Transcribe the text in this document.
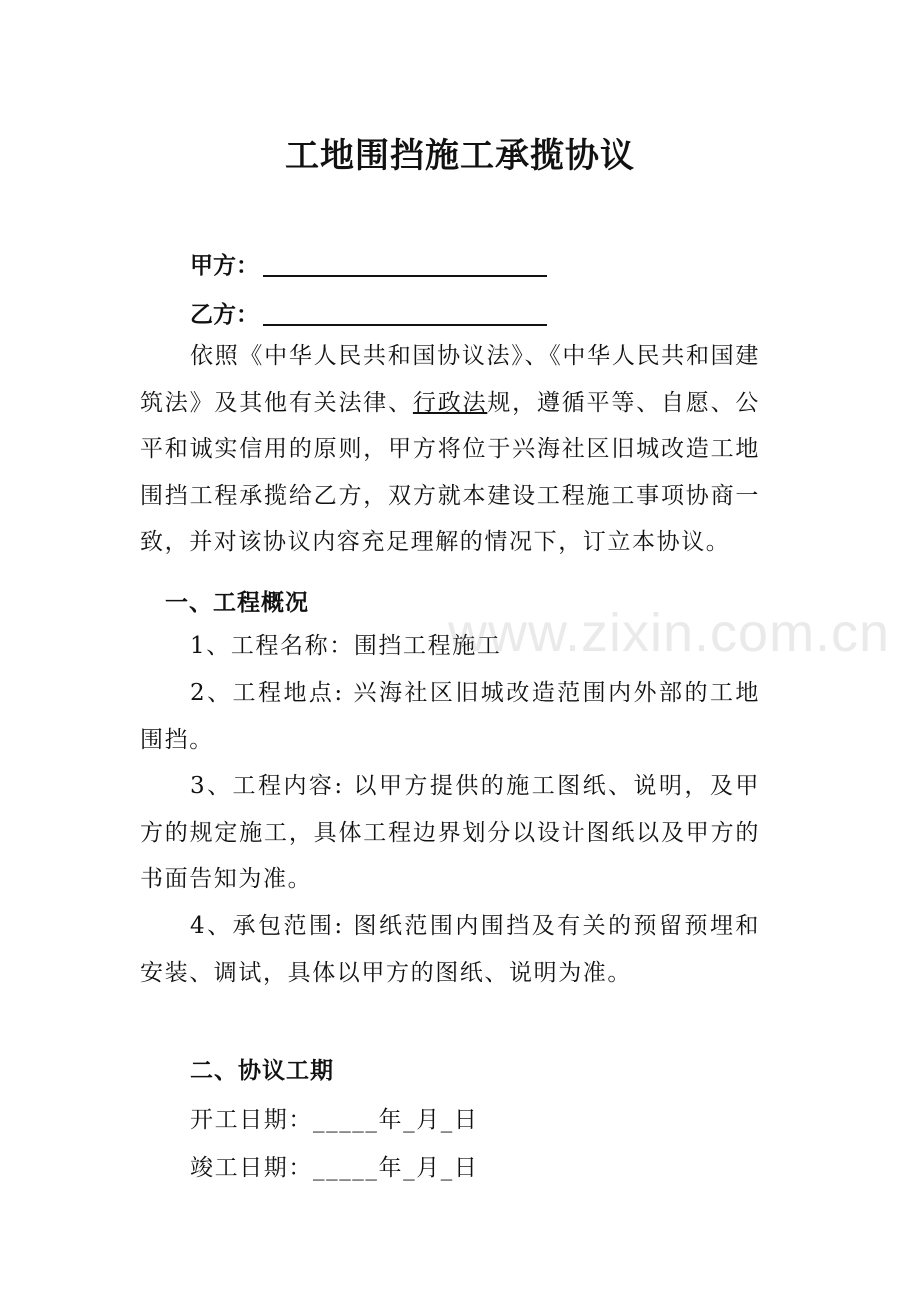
工地围挡施工承揽协议
甲方：
乙方：
依照《中华人民共和国协议法》、《中华人民共和国建筑法》及其他有关法律、行政法规，遵循平等、自愿、公平和诚实信用的原则，甲方将位于兴海社区旧城改造工地围挡工程承揽给乙方，双方就本建设工程施工事项协商一致，并对该协议内容充足理解的情况下，订立本协议。
一、工程概况
1、工程名称：围挡工程施工
2、工程地点: 兴海社区旧城改造范围内外部的工地围挡。
3、工程内容: 以甲方提供的施工图纸、说明，及甲方的规定施工，具体工程边界划分以设计图纸以及甲方的书面告知为准。
4、承包范围: 图纸范围内围挡及有关的预留预埋和安装、调试，具体以甲方的图纸、说明为准。
二、协议工期
开工日期：_____年_月_日
竣工日期：_____年_月_日
www.zixin.com.cn
